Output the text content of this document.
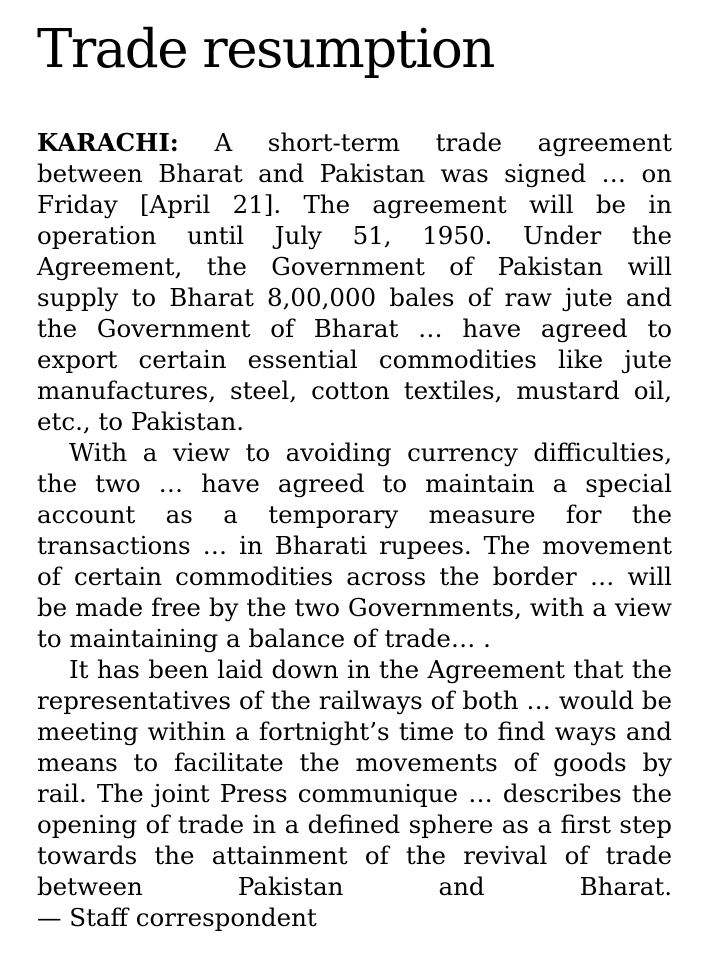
Trade resumption

KARACHI: A short-term trade agreement between Bharat and Pakistan was signed … on Friday [April 21]. The agreement will be in operation until July 51, 1950. Under the Agreement, the Government of Pakistan will supply to Bharat 8,00,000 bales of raw jute and the Government of Bharat … have agreed to export certain essential commodities like jute manufactures, steel, cotton textiles, mustard oil, etc., to Pakistan.

With a view to avoiding currency difficulties, the two … have agreed to maintain a special account as a temporary measure for the transactions … in Bharati rupees. The movement of certain commodities across the border … will be made free by the two Governments, with a view to maintaining a balance of trade… .

It has been laid down in the Agreement that the representatives of the railways of both … would be meeting within a fortnight’s time to find ways and means to facilitate the movements of goods by rail. The joint Press communique … describes the opening of trade in a defined sphere as a first step towards the attainment of the revival of trade between Pakistan and Bharat. — Staff correspondent
